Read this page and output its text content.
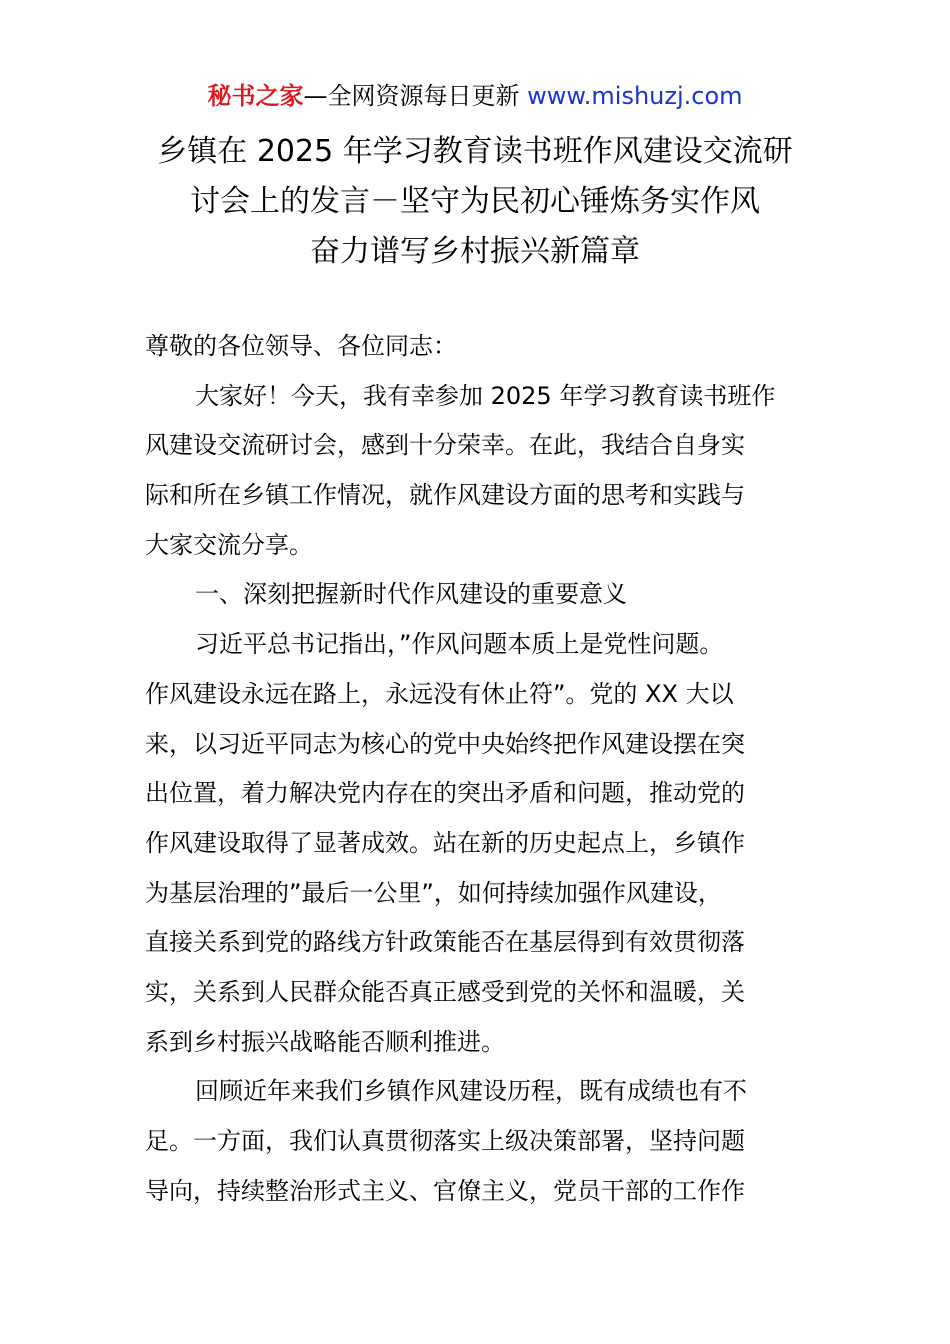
秘书之家—全网资源每日更新 www.mishuzj.com
乡镇在 2025 年学习教育读书班作风建设交流研
讨会上的发言－坚守为民初心锤炼务实作风
奋力谱写乡村振兴新篇章
尊敬的各位领导、各位同志：
大家好！今天，我有幸参加 2025 年学习教育读书班作
风建设交流研讨会，感到十分荣幸。在此，我结合自身实
际和所在乡镇工作情况，就作风建设方面的思考和实践与
大家交流分享。
一、深刻把握新时代作风建设的重要意义
习近平总书记指出，”作风问题本质上是党性问题。
作风建设永远在路上，永远没有休止符”。党的 XX 大以
来，以习近平同志为核心的党中央始终把作风建设摆在突
出位置，着力解决党内存在的突出矛盾和问题，推动党的
作风建设取得了显著成效。站在新的历史起点上，乡镇作
为基层治理的”最后一公里”，如何持续加强作风建设，
直接关系到党的路线方针政策能否在基层得到有效贯彻落
实，关系到人民群众能否真正感受到党的关怀和温暖，关
系到乡村振兴战略能否顺利推进。
回顾近年来我们乡镇作风建设历程，既有成绩也有不
足。一方面，我们认真贯彻落实上级决策部署，坚持问题
导向，持续整治形式主义、官僚主义，党员干部的工作作
